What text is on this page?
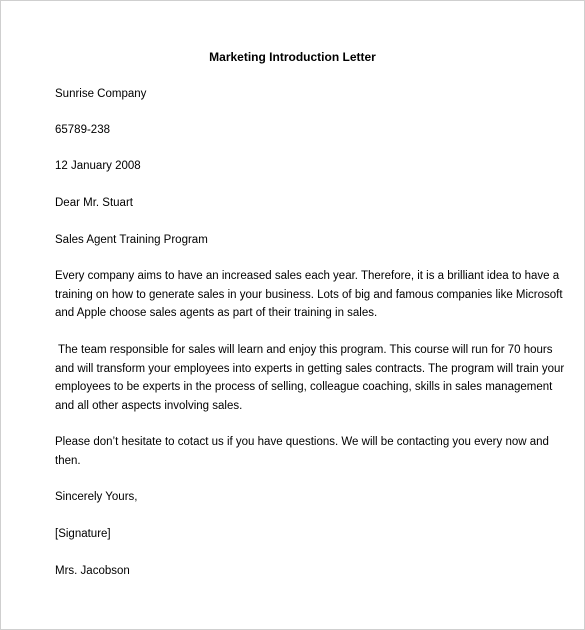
Marketing Introduction Letter

Sunrise Company

65789-238

12 January 2008

Dear Mr. Stuart

Sales Agent Training Program

Every company aims to have an increased sales each year. Therefore, it is a brilliant idea to have a
training on how to generate sales in your business. Lots of big and famous companies like Microsoft
and Apple choose sales agents as part of their training in sales.
The team responsible for sales will learn and enjoy this program. This course will run for 70 hours
and will transform your employees into experts in getting sales contracts. The program will train your
employees to be experts in the process of selling, colleague coaching, skills in sales management
and all other aspects involving sales.
Please don’t hesitate to cotact us if you have questions. We will be contacting you every now and
then.

Sincerely Yours,

[Signature]

Mrs. Jacobson
